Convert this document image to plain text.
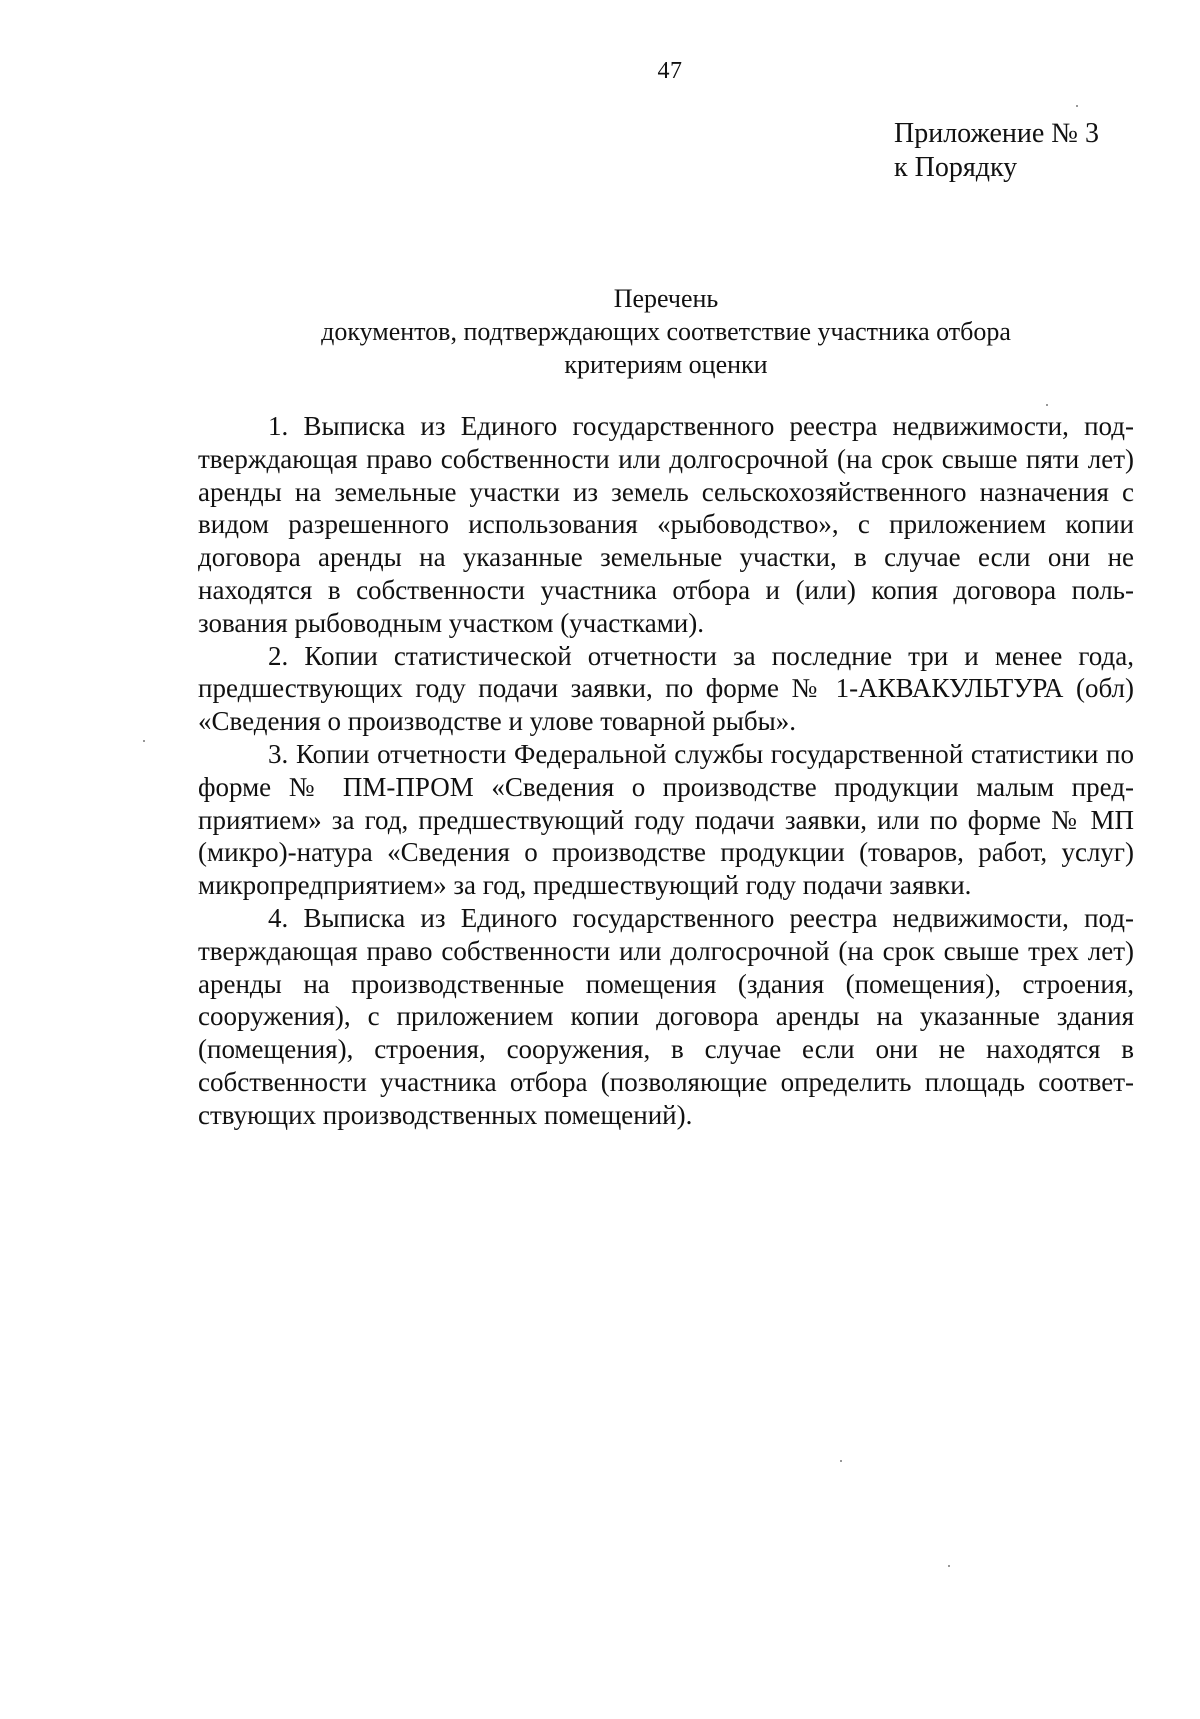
47
Приложение № 3
к Порядку
Перечень
документов, подтверждающих соответствие участника отбора
критериям оценки

1. Выписка из Единого государственного реестра недвижимости, подтверждающая право собственности или долгосрочной (на срок свыше пяти лет) аренды на земельные участки из земель сельскохозяйственного назначения с видом разрешенного использования «рыбоводство», с приложением копии договора аренды на указанные земельные участки, в случае если они не находятся в собственности участника отбора и (или) копия договора пользования рыбоводным участком (участками).

2. Копии статистической отчетности за последние три и менее года, предшествующих году подачи заявки, по форме № 1-АКВАКУЛЬТУРА (обл) «Сведения о производстве и улове товарной рыбы».

3. Копии отчетности Федеральной службы государственной статистики по форме № ПМ-ПРОМ «Сведения о производстве продукции малым предприятием» за год, предшествующий году подачи заявки, или по форме № МП (микро)-натура «Сведения о производстве продукции (товаров, работ, услуг) микропредприятием» за год, предшествующий году подачи заявки.

4. Выписка из Единого государственного реестра недвижимости, подтверждающая право собственности или долгосрочной (на срок свыше трех лет) аренды на производственные помещения (здания (помещения), строения, сооружения), с приложением копии договора аренды на указанные здания (помещения), строения, сооружения, в случае если они не находятся в собственности участника отбора (позволяющие определить площадь соответствующих производственных помещений).
